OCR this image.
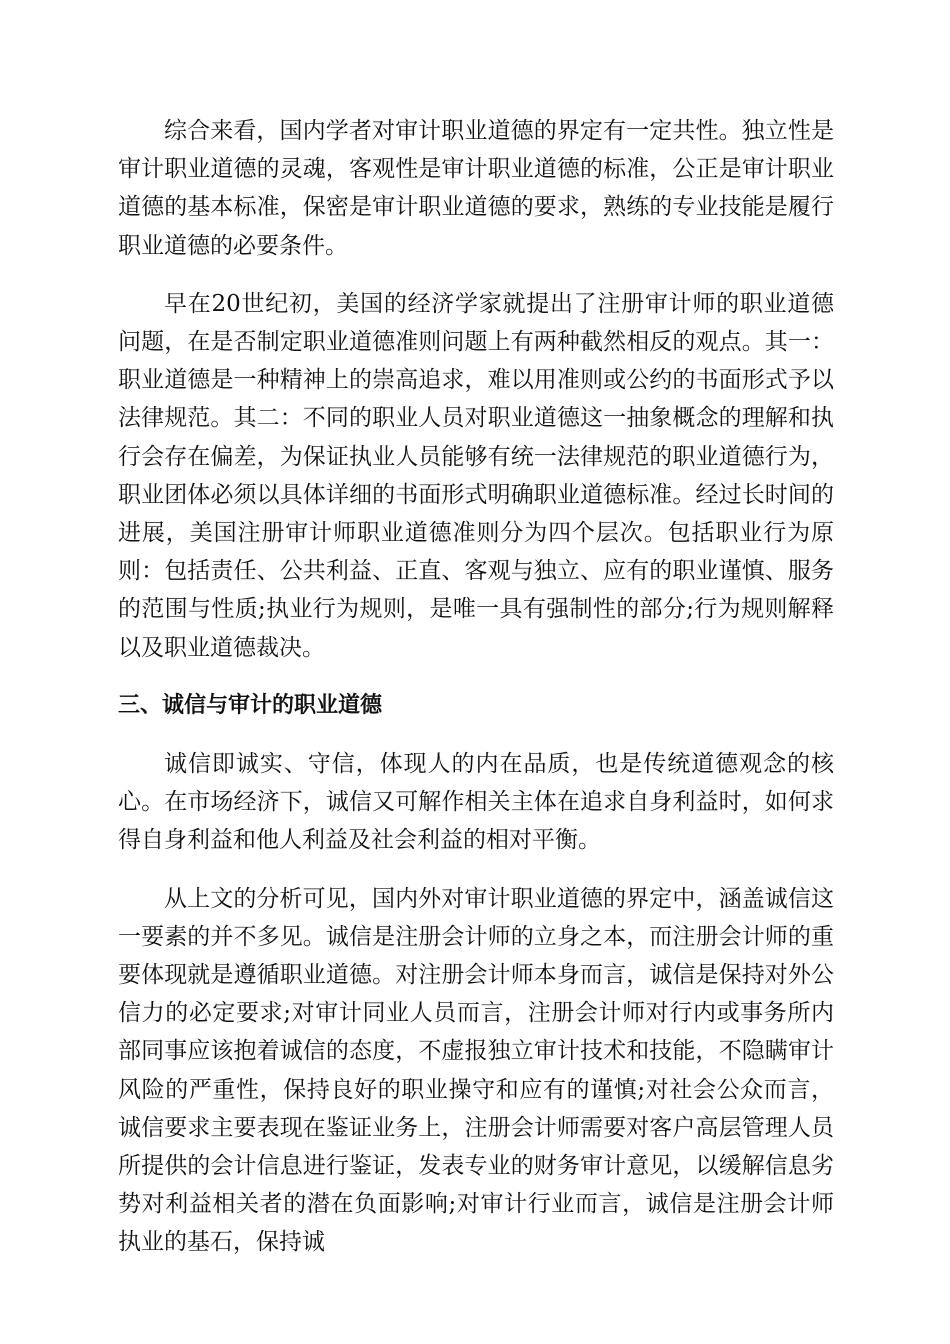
综合来看，国内学者对审计职业道德的界定有一定共性。独立性是审计职业道德的灵魂，客观性是审计职业道德的标准，公正是审计职业道德的基本标准，保密是审计职业道德的要求，熟练的专业技能是履行职业道德的必要条件。

早在20世纪初，美国的经济学家就提出了注册审计师的职业道德问题，在是否制定职业道德准则问题上有两种截然相反的观点。其一：职业道德是一种精神上的崇高追求，难以用准则或公约的书面形式予以法律规范。其二：不同的职业人员对职业道德这一抽象概念的理解和执行会存在偏差，为保证执业人员能够有统一法律规范的职业道德行为，职业团体必须以具体详细的书面形式明确职业道德标准。经过长时间的进展，美国注册审计师职业道德准则分为四个层次。包括职业行为原则：包括责任、公共利益、正直、客观与独立、应有的职业谨慎、服务的范围与性质;执业行为规则，是唯一具有强制性的部分;行为规则解释以及职业道德裁决。

三、诚信与审计的职业道德

诚信即诚实、守信，体现人的内在品质，也是传统道德观念的核心。在市场经济下，诚信又可解作相关主体在追求自身利益时，如何求得自身利益和他人利益及社会利益的相对平衡。

从上文的分析可见，国内外对审计职业道德的界定中，涵盖诚信这一要素的并不多见。诚信是注册会计师的立身之本，而注册会计师的重要体现就是遵循职业道德。对注册会计师本身而言，诚信是保持对外公信力的必定要求;对审计同业人员而言，注册会计师对行内或事务所内部同事应该抱着诚信的态度，不虚报独立审计技术和技能，不隐瞒审计风险的严重性，保持良好的职业操守和应有的谨慎;对社会公众而言，诚信要求主要表现在鉴证业务上，注册会计师需要对客户高层管理人员所提供的会计信息进行鉴证，发表专业的财务审计意见，以缓解信息劣势对利益相关者的潜在负面影响;对审计行业而言，诚信是注册会计师执业的基石，保持诚
